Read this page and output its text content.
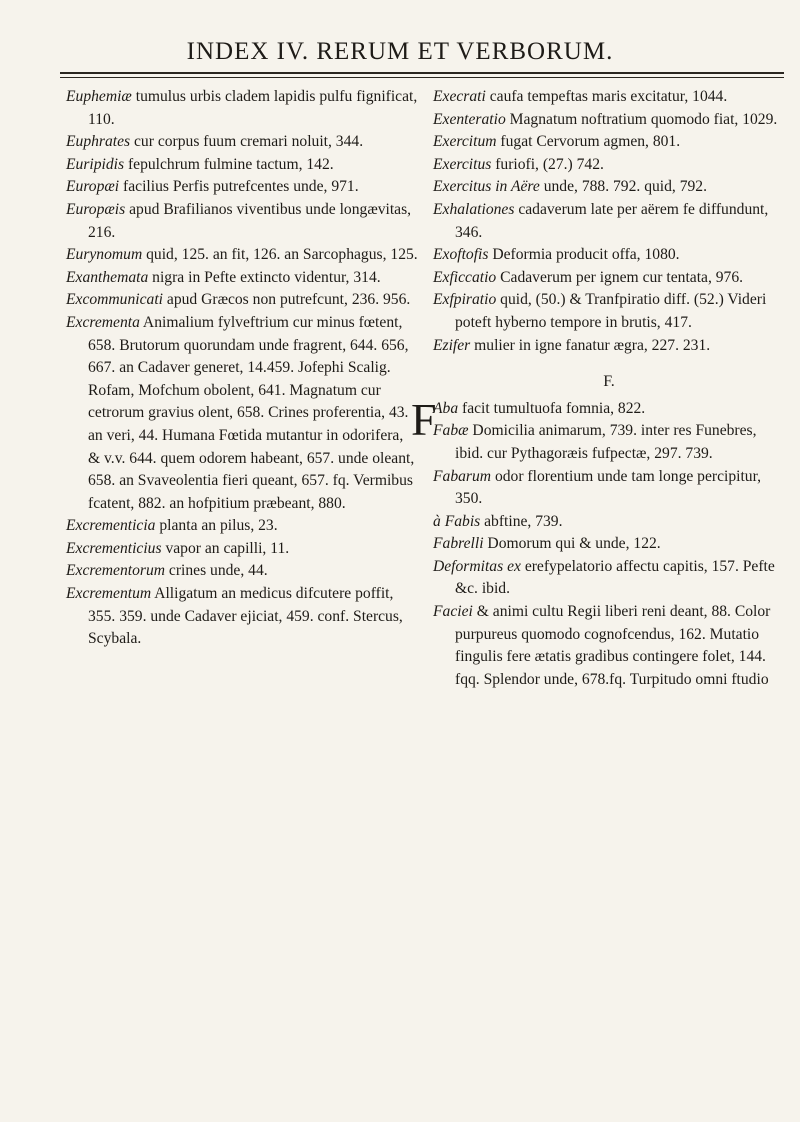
INDEX IV. RERUM ET VERBORUM.

Euphemiæ tumulus urbis cladem lapidis pulfu fignificat, 110.

Euphrates cur corpus fuum cremari noluit, 344.

Euripidis fepulchrum fulmine tactum, 142.

Europæi facilius Perfis putrefcentes unde, 971.

Europæis apud Brafilianos viventibus unde longævitas, 216.

Eurynomum quid, 125. an fit, 126. an Sarcophagus, 125.

Exanthemata nigra in Pefte extincto videntur, 314.

Excommunicati apud Græcos non putrefcunt, 236. 956.

Excrementa Animalium fylveftrium cur minus fœtent, 658. Brutorum quorundam unde fragrent, 644. 656, 667. an Cadaver generet, 14.459. Jofephi Scalig. Rofam, Mofchum obolent, 641. Magnatum cur cetrorum gravius olent, 658. Crines proferentia, 43. an veri, 44. Humana Fœtida mutantur in odorifera, & v.v. 644. quem odorem habeant, 657. unde oleant, 658. an Svaveolentia fieri queant, 657. fq. Vermibus fcatent, 882. an hofpitium præbeant, 880.

Excrementicia planta an pilus, 23.

Excrementicius vapor an capilli, 11.

Excrementorum crines unde, 44.

Excrementum Alligatum an medicus difcutere poffit, 355. 359. unde Cadaver ejiciat, 459. conf. Stercus, Scybala.

Execrati caufa tempeftas maris excitatur, 1044.

Exenteratio Magnatum noftratium quomodo fiat, 1029.

Exercitum fugat Cervorum agmen, 801.

Exercitus furiofi, (27.) 742.

Exercitus in Aëre unde, 788. 792. quid, 792.

Exhalationes cadaverum late per aërem fe diffundunt, 346.

Exoftofis Deformia producit offa, 1080.

Exficcatio Cadaverum per ignem cur tentata, 976.

Exfpiratio quid, (50.) & Tranfpiratio diff. (52.) Videri poteft hyberno tempore in brutis, 417.

Ezifer mulier in igne fanatur ægra, 227. 231.

F.

F
Aba facit tumultuofa fomnia, 822.

Fabæ Domicilia animarum, 739. inter res Funebres, ibid. cur Pythagoræis fufpectæ, 297. 739.

Fabarum odor florentium unde tam longe percipitur, 350.

à Fabis abftine, 739.

Fabrelli Domorum qui & unde, 122.

Deformitas ex erefypelatorio affectu capitis, 157. Pefte &c. ibid.

Faciei & animi cultu Regii liberi reni deant, 88. Color purpureus quomodo cognofcendus, 162. Mutatio fingulis fere ætatis gradibus contingere folet, 144. fqq. Splendor unde, 678.fq. Turpitudo omni ftudio
